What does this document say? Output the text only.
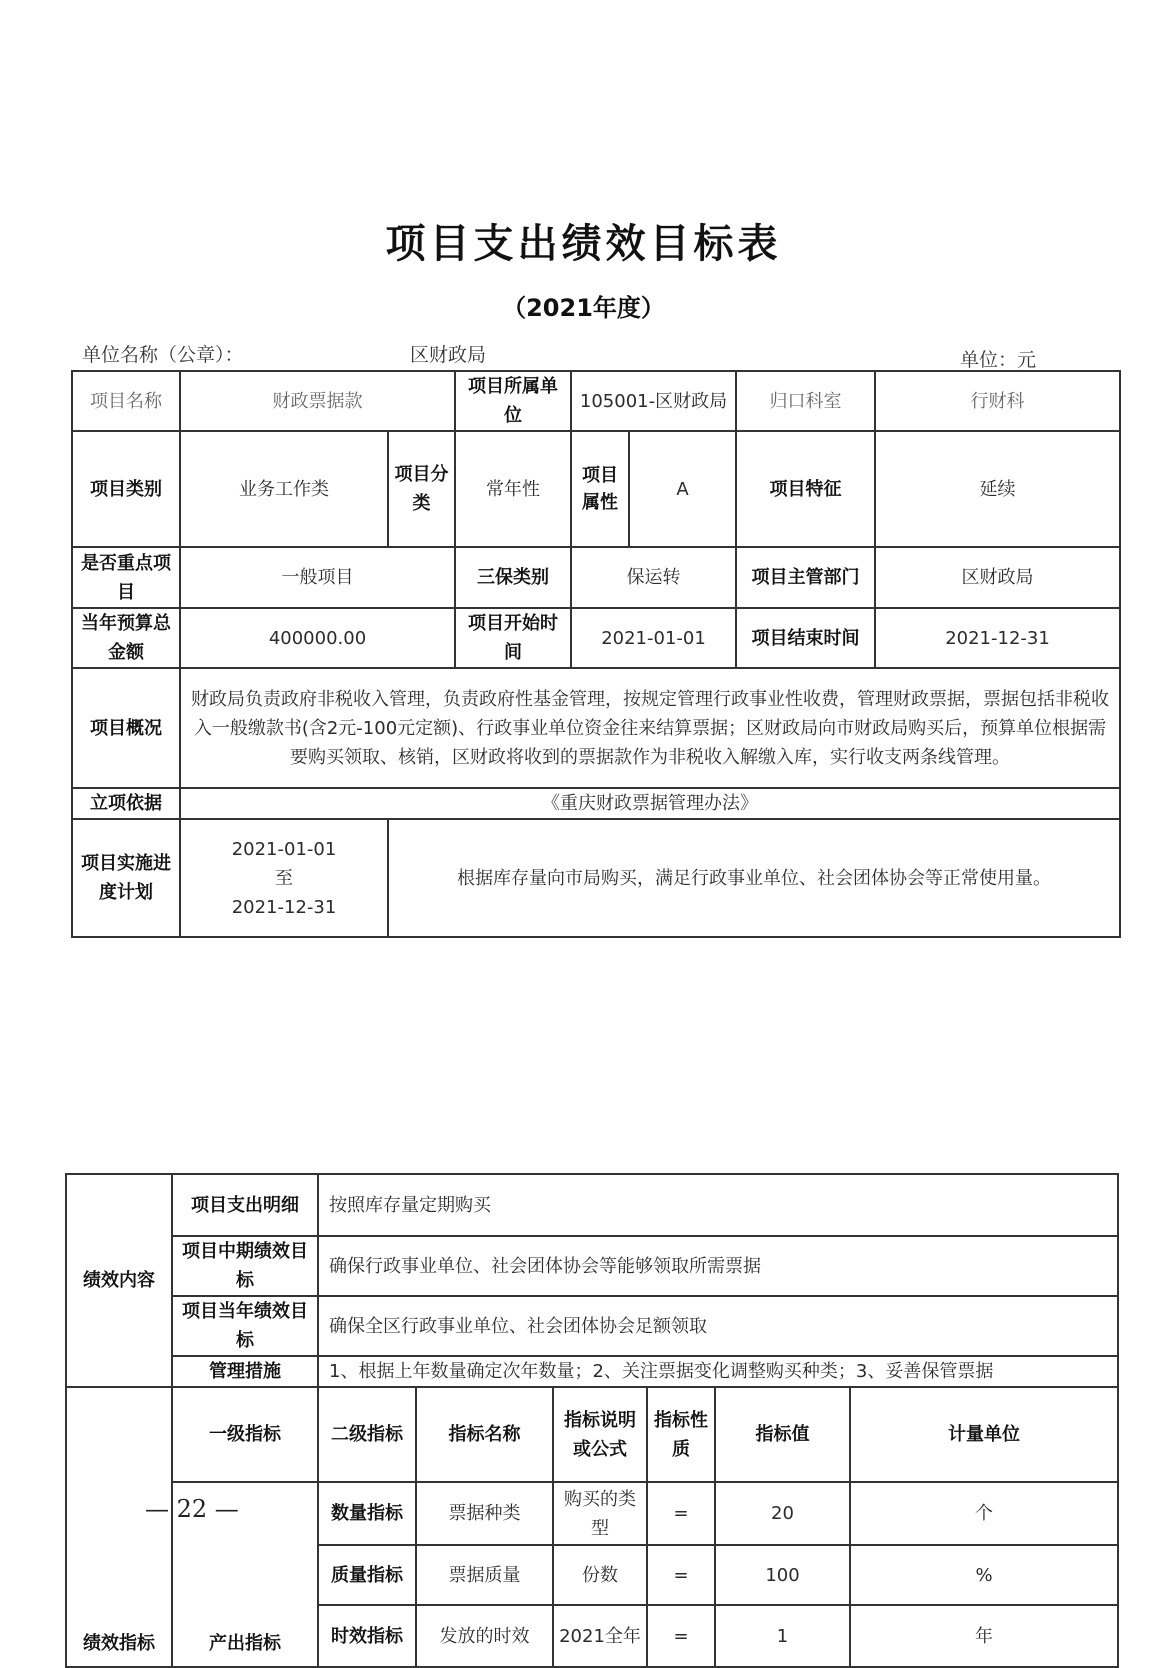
项目支出绩效目标表
（2021年度）
单位名称（公章）：	区财政局	单位：元
项目名称	财政票据款		项目所属单位	105001-区财政局		归口科室	行财科
项目类别	业务工作类	项目分类	常年性	项目属性	A	项目特征	延续
是否重点项目	一般项目		三保类别	保运转		项目主管部门	区财政局
当年预算总金额	400000.00		项目开始时间	2021-01-01		项目结束时间	2021-12-31
项目概况	财政局负责政府非税收入管理，负责政府性基金管理，按规定管理行政事业性收费，管理财政票据，票据包括非税收入一般缴款书(含2元-100元定额)、行政事业单位资金往来结算票据；区财政局向市财政局购买后，预算单位根据需要购买领取、核销，区财政将收到的票据款作为非税收入解缴入库，实行收支两条线管理。						
立项依据	《重庆财政票据管理办法》						
项目实施进度计划	2021-01-01
至
2021-12-31	根据库存量向市局购买，满足行政事业单位、社会团体协会等正常使用量。					
绩效内容	项目支出明细	按照库存量定期购买					
	项目中期绩效目标	确保行政事业单位、社会团体协会等能够领取所需票据					
	项目当年绩效目标	确保全区行政事业单位、社会团体协会足额领取					
	管理措施	1、根据上年数量确定次年数量；2、关注票据变化调整购买种类；3、妥善保管票据					
绩效指标	一级指标	二级指标	指标名称	指标说明或公式	指标性质	指标值	计量单位
	产出指标	数量指标	票据种类	购买的类型	=	20	个
		质量指标	票据质量	份数	=	100	%
		时效指标	发放的时效	2021全年	=	1	年
— 22 —
